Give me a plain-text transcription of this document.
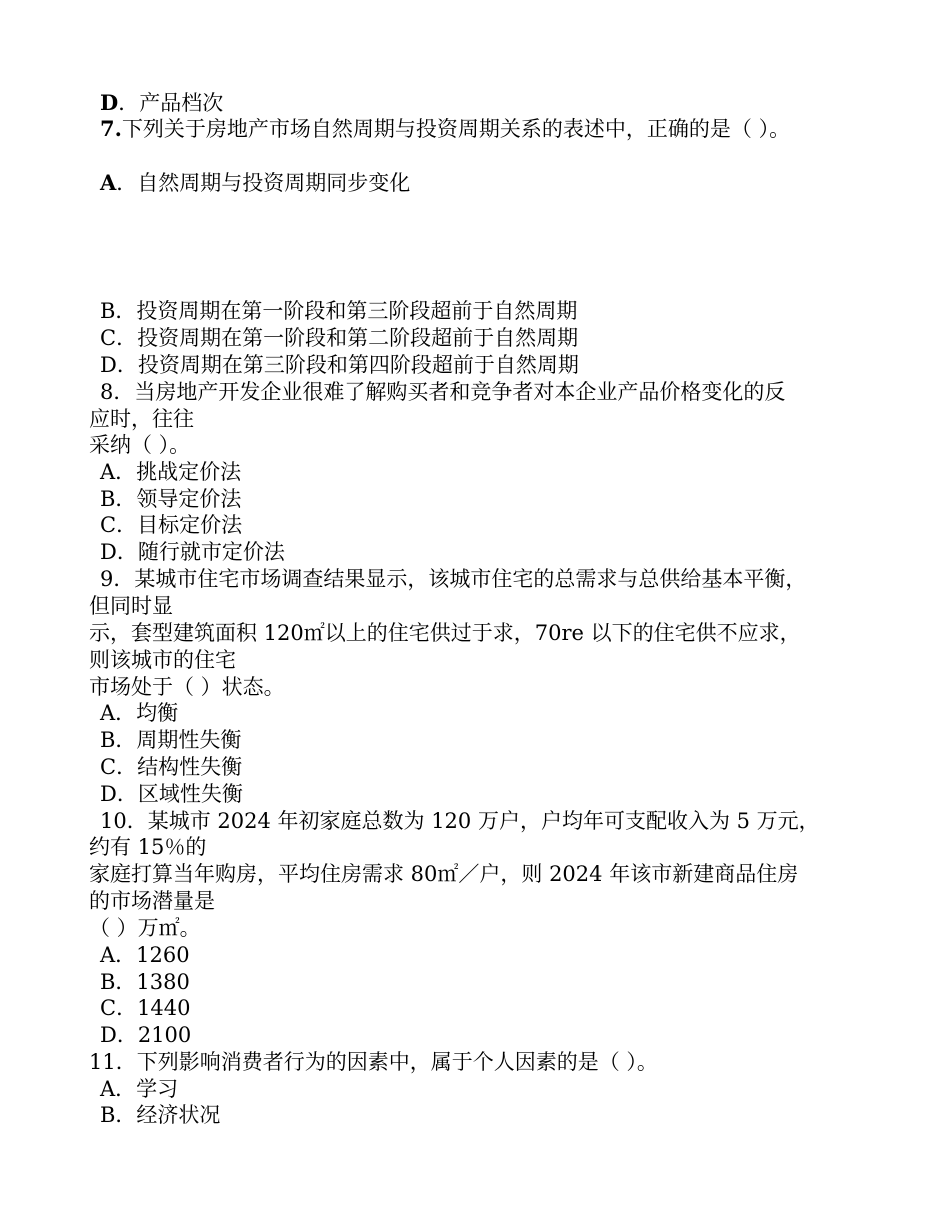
D．产品档次
7.下列关于房地产市场自然周期与投资周期关系的表述中，正确的是（ ）。
A．自然周期与投资周期同步变化
B．投资周期在第一阶段和第三阶段超前于自然周期
C．投资周期在第一阶段和第二阶段超前于自然周期
D．投资周期在第三阶段和第四阶段超前于自然周期
8．当房地产开发企业很难了解购买者和竞争者对本企业产品价格变化的反
应时，往往
采纳（ ）。
A．挑战定价法
B．领导定价法
C．目标定价法
D．随行就市定价法
9．某城市住宅市场调查结果显示，该城市住宅的总需求与总供给基本平衡，
但同时显
示，套型建筑面积 120㎡以上的住宅供过于求，70re 以下的住宅供不应求，
则该城市的住宅
市场处于（ ）状态。
A．均衡
B．周期性失衡
C．结构性失衡
D．区域性失衡
10．某城市 2024 年初家庭总数为 120 万户，户均年可支配收入为 5 万元，
约有 15％的
家庭打算当年购房，平均住房需求 80㎡／户，则 2024 年该市新建商品住房
的市场潜量是
（ ）万㎡。
A．1260
B．1380
C．1440
D．2100
11．下列影响消费者行为的因素中，属于个人因素的是（ ）。
A．学习
B．经济状况
